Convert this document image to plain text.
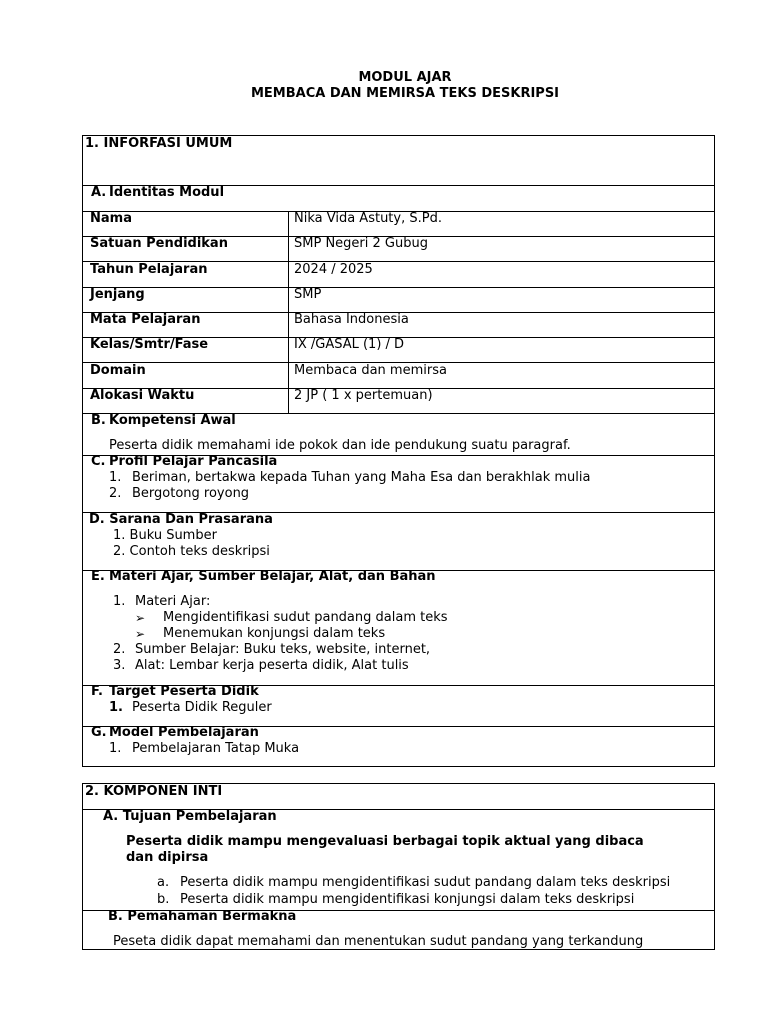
MODUL AJAR
MEMBACA DAN MEMIRSA TEKS DESKRIPSI
1. INFORFASI UMUM
A. Identitas Modul
Nama	Nika Vida Astuty, S.Pd.
Satuan Pendidikan	SMP Negeri 2 Gubug
Tahun Pelajaran	2024 / 2025
Jenjang	SMP
Mata Pelajaran	Bahasa Indonesia
Kelas/Smtr/Fase	IX /GASAL (1) / D
Domain	Membaca dan memirsa
Alokasi Waktu	2 JP ( 1 x pertemuan)
B. Kompetensi Awal
Peserta didik memahami ide pokok dan ide pendukung suatu paragraf.
C. Profil Pelajar Pancasila
1. Beriman, bertakwa kepada Tuhan yang Maha Esa dan berakhlak mulia
2. Bergotong royong
D. Sarana Dan Prasarana
1. Buku Sumber
2. Contoh teks deskripsi
E. Materi Ajar, Sumber Belajar, Alat, dan Bahan
1. Materi Ajar:
➢ Mengidentifikasi sudut pandang dalam teks
➢ Menemukan konjungsi dalam teks
2. Sumber Belajar: Buku teks, website, internet,
3. Alat: Lembar kerja peserta didik, Alat tulis
F. Target Peserta Didik
1. Peserta Didik Reguler
G. Model Pembelajaran
1. Pembelajaran Tatap Muka
2. KOMPONEN INTI
A. Tujuan Pembelajaran
Peserta didik mampu mengevaluasi berbagai topik aktual yang dibaca
dan dipirsa
a. Peserta didik mampu mengidentifikasi sudut pandang dalam teks deskripsi
b. Peserta didik mampu mengidentifikasi konjungsi dalam teks deskripsi
B. Pemahaman Bermakna
Peseta didik dapat memahami dan menentukan sudut pandang yang terkandung
